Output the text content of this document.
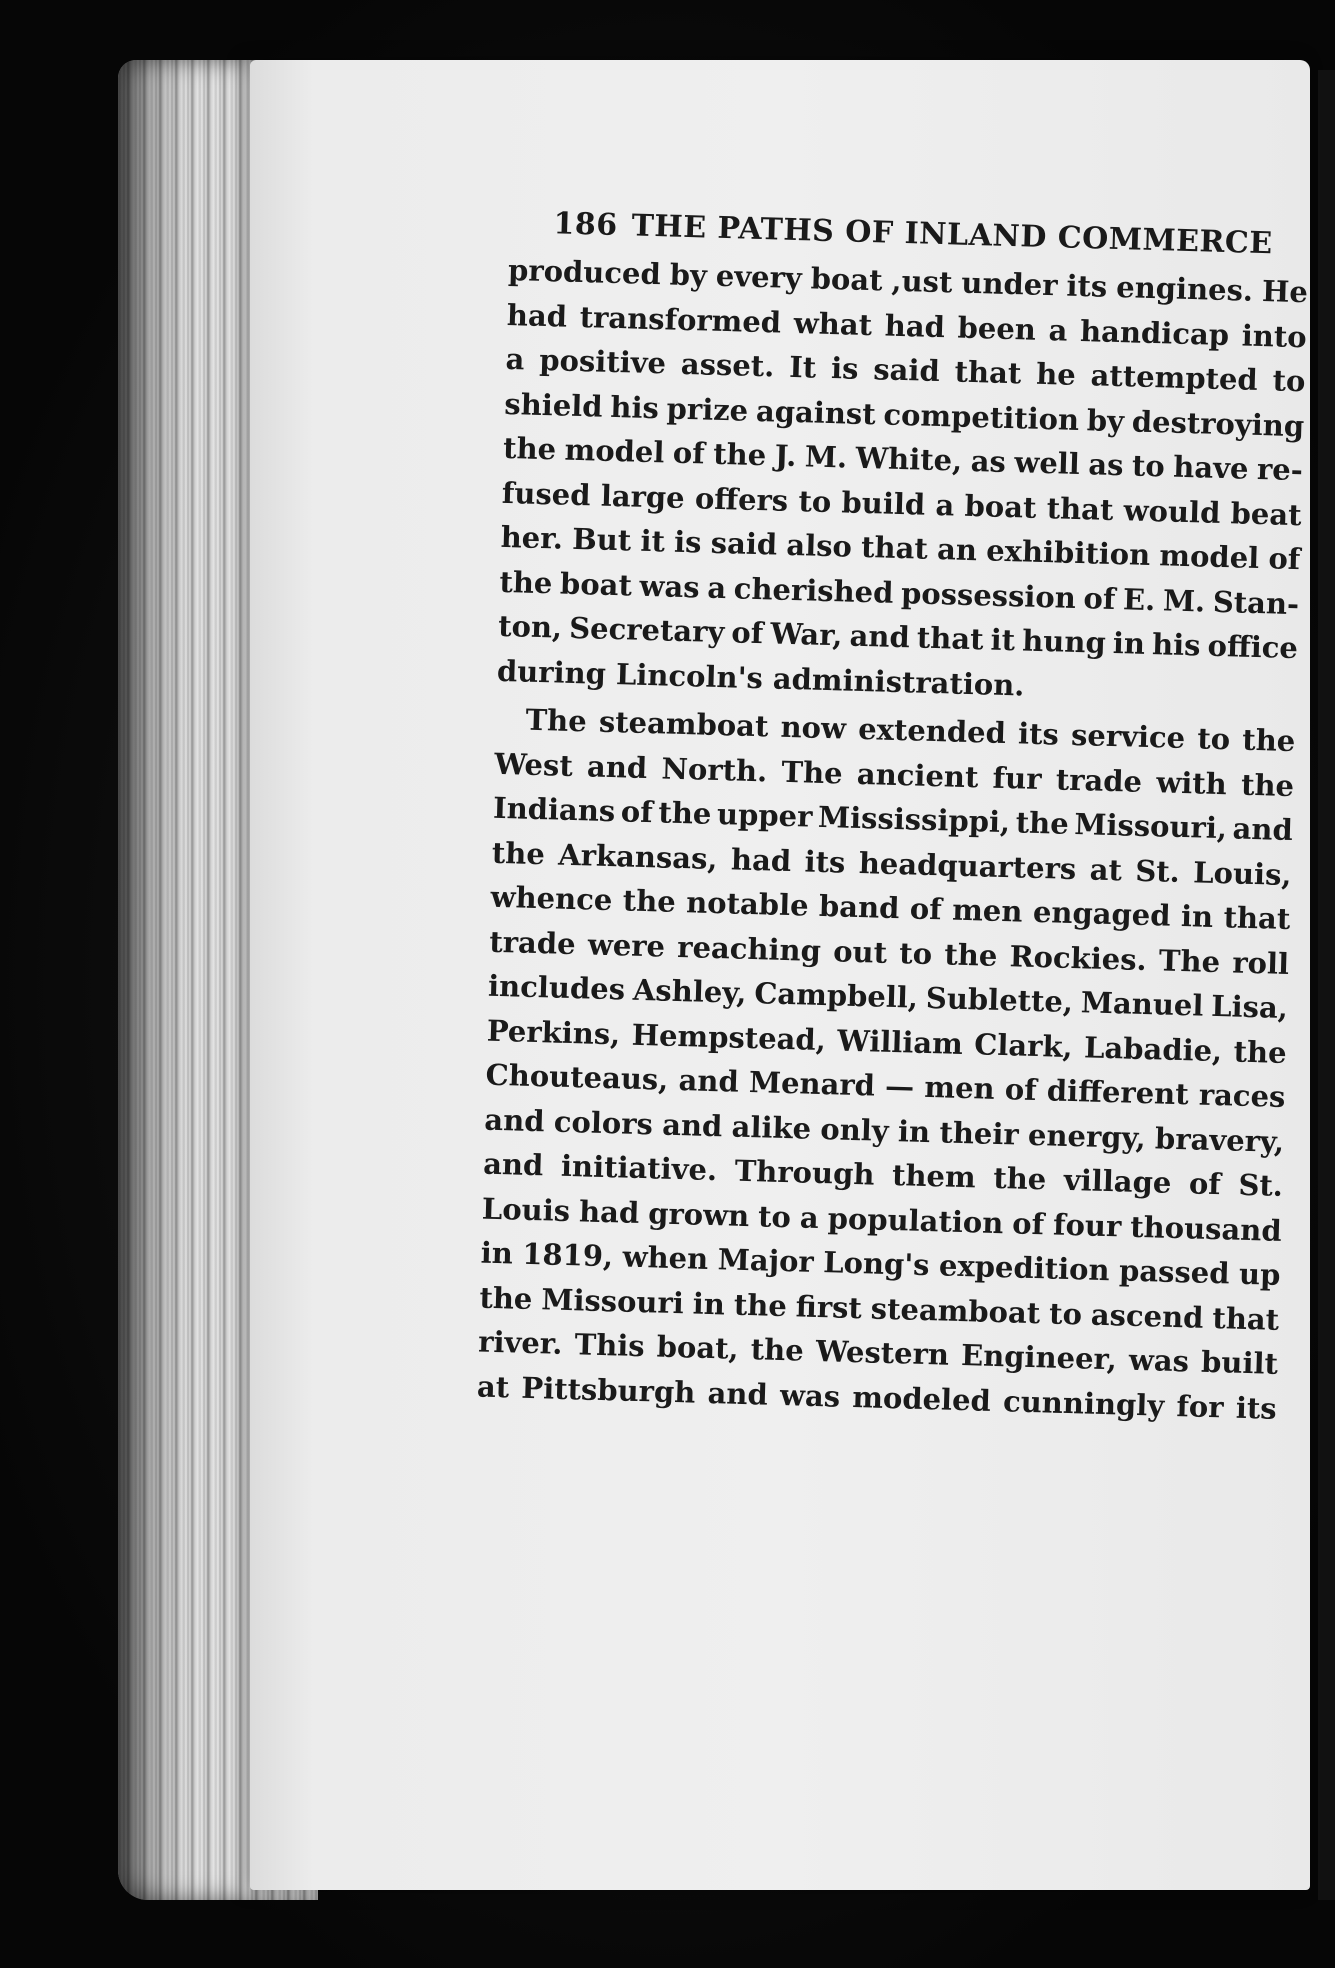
186 THE PATHS OF INLAND COMMERCE
produced by every boat ,ust under its engines. He
had transformed what had been a handicap into
a positive asset. It is said that he attempted to
shield his prize against competition by destroying
the model of the J. M. White, as well as to have re-
fused large offers to build a boat that would beat
her. But it is said also that an exhibition model of
the boat was a cherished possession of E. M. Stan-
ton, Secretary of War, and that it hung in his office
during Lincoln's administration.
The steamboat now extended its service to the
West and North. The ancient fur trade with the
Indians of the upper Mississippi, the Missouri, and
the Arkansas, had its headquarters at St. Louis,
whence the notable band of men engaged in that
trade were reaching out to the Rockies. The roll
includes Ashley, Campbell, Sublette, Manuel Lisa,
Perkins, Hempstead, William Clark, Labadie, the
Chouteaus, and Menard — men of different races
and colors and alike only in their energy, bravery,
and initiative. Through them the village of St.
Louis had grown to a population of four thousand
in 1819, when Major Long's expedition passed up
the Missouri in the first steamboat to ascend that
river. This boat, the Western Engineer, was built
at Pittsburgh and was modeled cunningly for its
